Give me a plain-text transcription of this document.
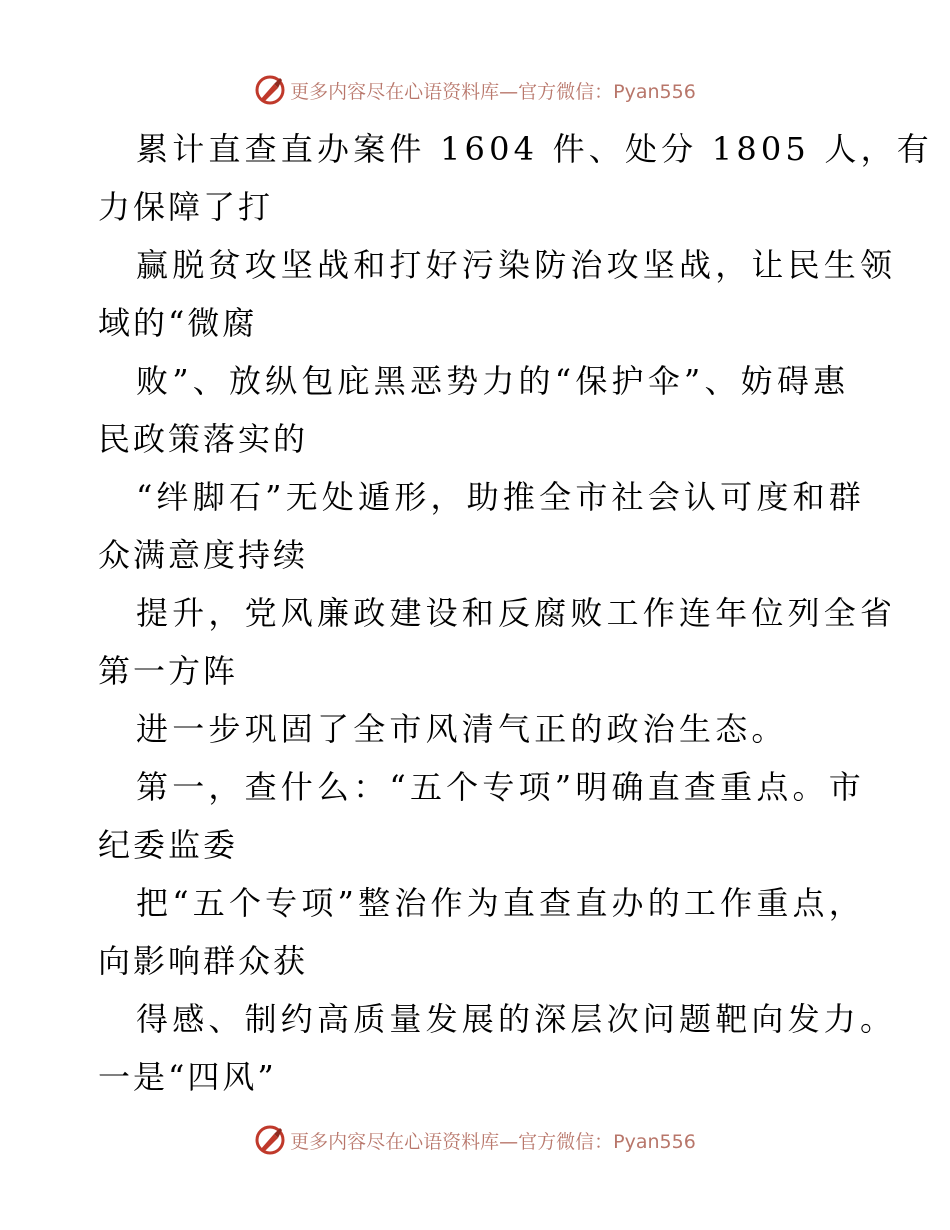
更多内容尽在心语资料库—官方微信：Pyan556
累计直查直办案件 1604 件、处分 1805 人，有
力保障了打
赢脱贫攻坚战和打好污染防治攻坚战，让民生领
域的“微腐
败”、放纵包庇黑恶势力的“保护伞”、妨碍惠
民政策落实的
“绊脚石”无处遁形，助推全市社会认可度和群
众满意度持续
提升，党风廉政建设和反腐败工作连年位列全省
第一方阵
进一步巩固了全市风清气正的政治生态。
第一，查什么：“五个专项”明确直查重点。市
纪委监委
把“五个专项”整治作为直查直办的工作重点，
向影响群众获
得感、制约高质量发展的深层次问题靶向发力。
一是“四风”
更多内容尽在心语资料库—官方微信：Pyan556
